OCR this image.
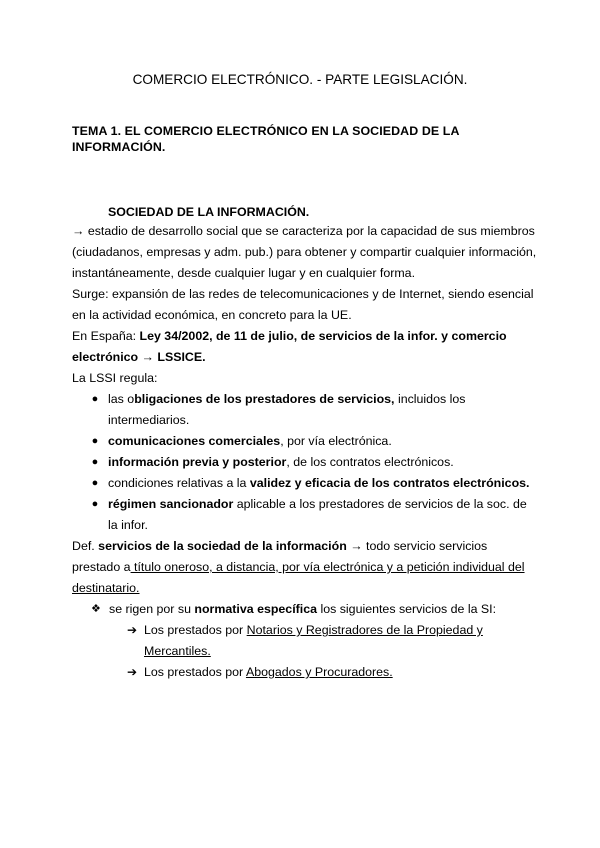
COMERCIO ELECTRÓNICO. - PARTE LEGISLACIÓN.
TEMA 1. EL COMERCIO ELECTRÓNICO EN LA SOCIEDAD DE LA INFORMACIÓN.
SOCIEDAD DE LA INFORMACIÓN.
→ estadio de desarrollo social que se caracteriza por la capacidad de sus miembros
(ciudadanos, empresas y adm. pub.) para obtener y compartir cualquier información,
instantáneamente, desde cualquier lugar y en cualquier forma.
Surge: expansión de las redes de telecomunicaciones y de Internet, siendo esencial
en la actividad económica, en concreto para la UE.
En España: Ley 34/2002, de 11 de julio, de servicios de la infor. y comercio
electrónico → LSSICE.
La LSSI regula:
● las obligaciones de los prestadores de servicios, incluidos los
intermediarios.
● comunicaciones comerciales, por vía electrónica.
● información previa y posterior, de los contratos electrónicos.
● condiciones relativas a la validez y eficacia de los contratos electrónicos.
● régimen sancionador aplicable a los prestadores de servicios de la soc. de
la infor.
Def. servicios de la sociedad de la información → todo servicio servicios
prestado a título oneroso, a distancia, por vía electrónica y a petición individual del
destinatario.
❖ se rigen por su normativa específica los siguientes servicios de la SI:
➔ Los prestados por Notarios y Registradores de la Propiedad y
Mercantiles.
➔ Los prestados por Abogados y Procuradores.
